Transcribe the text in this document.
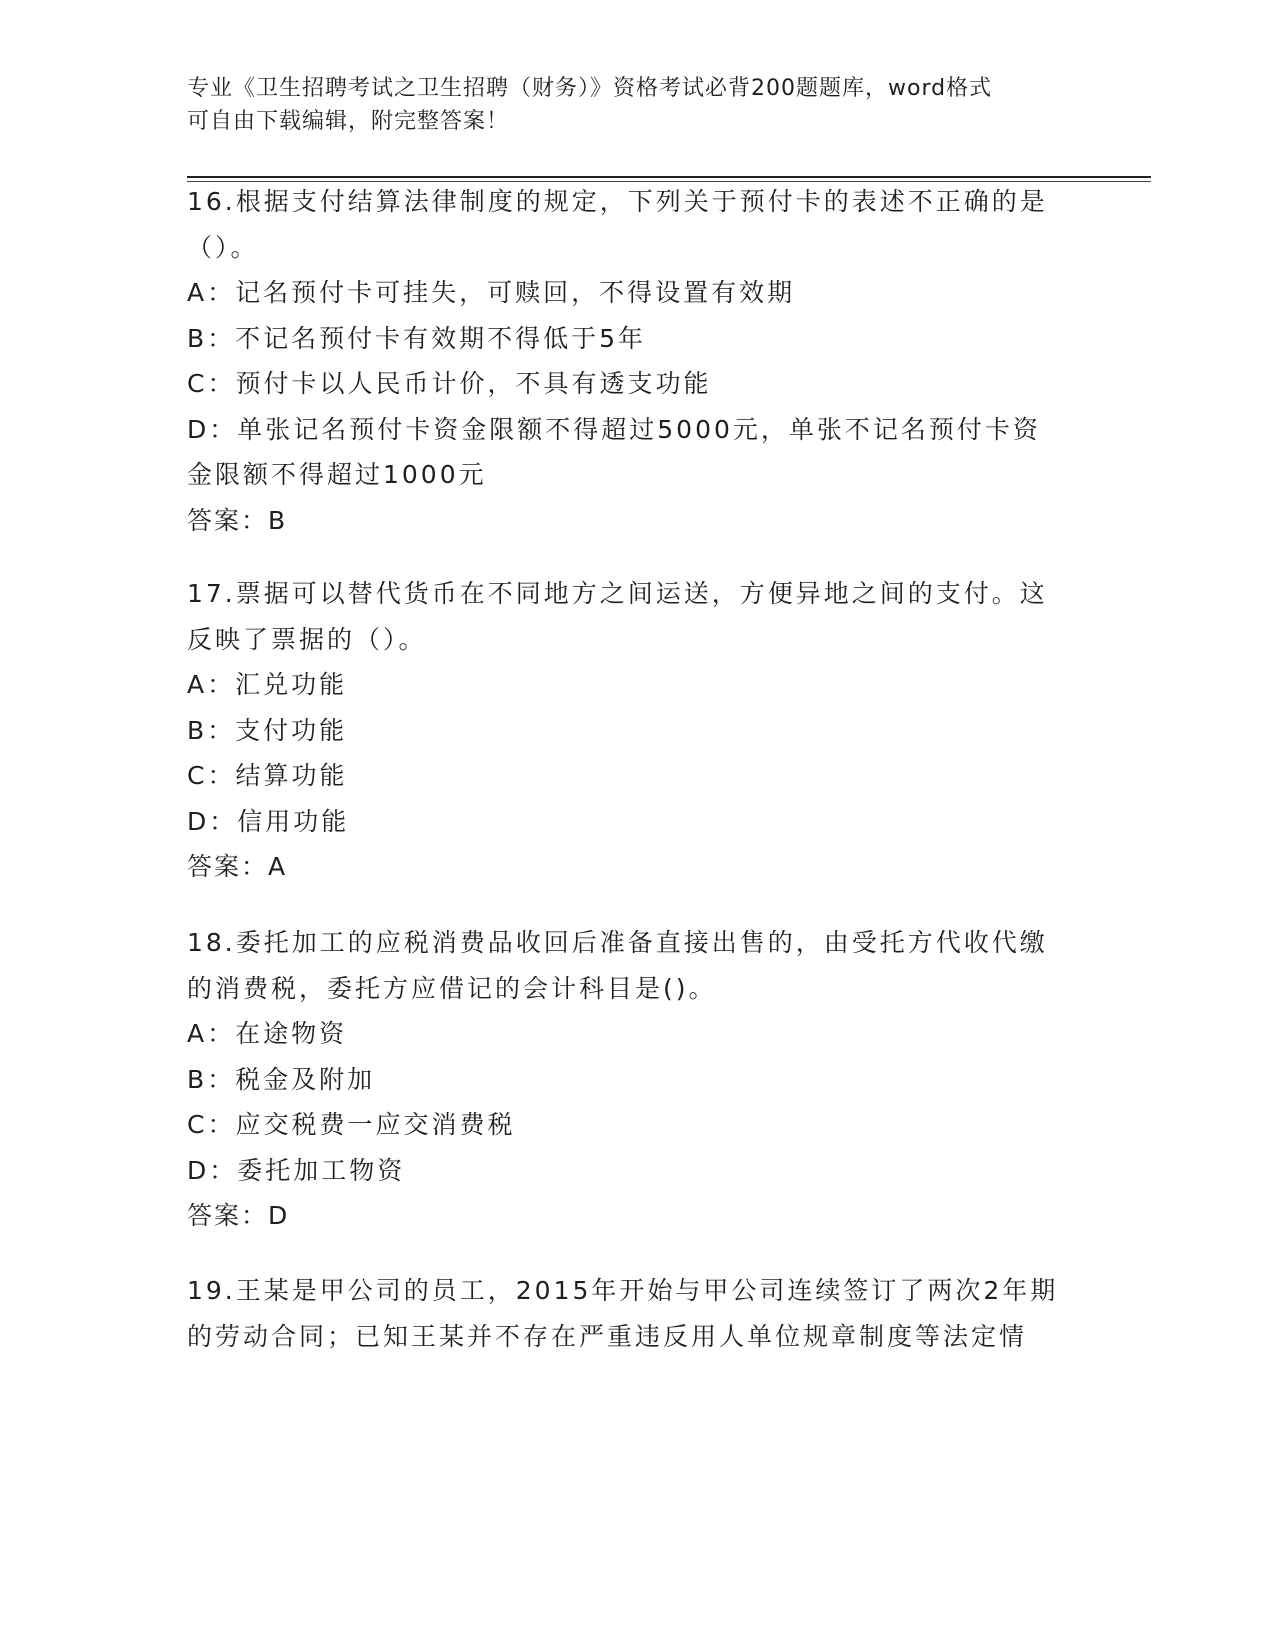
专业《卫生招聘考试之卫生招聘（财务）》资格考试必背200题题库，word格式
可自由下载编辑，附完整答案！
16.根据支付结算法律制度的规定，下列关于预付卡的表述不正确的是
（）。
A：记名预付卡可挂失，可赎回，不得设置有效期
B：不记名预付卡有效期不得低于5年
C：预付卡以人民币计价，不具有透支功能
D：单张记名预付卡资金限额不得超过5000元，单张不记名预付卡资
金限额不得超过1000元
答案：B
17.票据可以替代货币在不同地方之间运送，方便异地之间的支付。这
反映了票据的（）。
A：汇兑功能
B：支付功能
C：结算功能
D：信用功能
答案：A
18.委托加工的应税消费品收回后准备直接出售的，由受托方代收代缴
的消费税，委托方应借记的会计科目是()。
A：在途物资
B：税金及附加
C：应交税费一应交消费税
D：委托加工物资
答案：D
19.王某是甲公司的员工，2015年开始与甲公司连续签订了两次2年期
的劳动合同；已知王某并不存在严重违反用人单位规章制度等法定情
